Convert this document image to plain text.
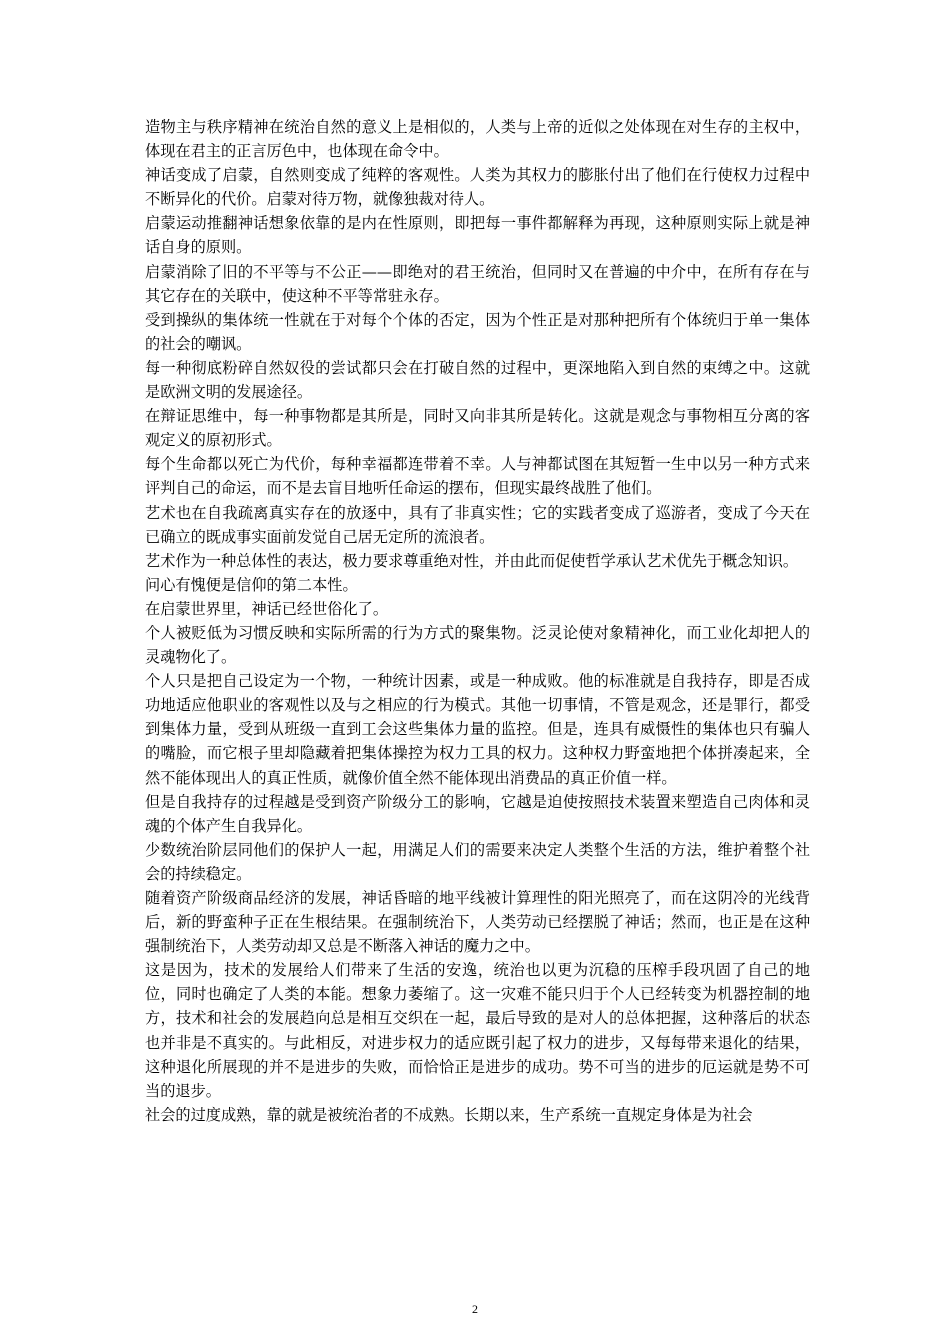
造物主与秩序精神在统治自然的意义上是相似的，人类与上帝的近似之处体现在对生存的主权中，体现在君主的正言厉色中，也体现在命令中。

神话变成了启蒙，自然则变成了纯粹的客观性。人类为其权力的膨胀付出了他们在行使权力过程中不断异化的代价。启蒙对待万物，就像独裁对待人。

启蒙运动推翻神话想象依靠的是内在性原则，即把每一事件都解释为再现，这种原则实际上就是神话自身的原则。

启蒙消除了旧的不平等与不公正——即绝对的君王统治，但同时又在普遍的中介中，在所有存在与其它存在的关联中，使这种不平等常驻永存。

受到操纵的集体统一性就在于对每个个体的否定，因为个性正是对那种把所有个体统归于单一集体的社会的嘲讽。

每一种彻底粉碎自然奴役的尝试都只会在打破自然的过程中，更深地陷入到自然的束缚之中。这就是欧洲文明的发展途径。

在辩证思维中，每一种事物都是其所是，同时又向非其所是转化。这就是观念与事物相互分离的客观定义的原初形式。

每个生命都以死亡为代价，每种幸福都连带着不幸。人与神都试图在其短暂一生中以另一种方式来评判自己的命运，而不是去盲目地听任命运的摆布，但现实最终战胜了他们。

艺术也在自我疏离真实存在的放逐中，具有了非真实性；它的实践者变成了巡游者，变成了今天在已确立的既成事实面前发觉自己居无定所的流浪者。

艺术作为一种总体性的表达，极力要求尊重绝对性，并由此而促使哲学承认艺术优先于概念知识。

问心有愧便是信仰的第二本性。

在启蒙世界里，神话已经世俗化了。

个人被贬低为习惯反映和实际所需的行为方式的聚集物。泛灵论使对象精神化，而工业化却把人的灵魂物化了。

个人只是把自己设定为一个物，一种统计因素，或是一种成败。他的标准就是自我持存，即是否成功地适应他职业的客观性以及与之相应的行为模式。其他一切事情，不管是观念，还是罪行，都受到集体力量，受到从班级一直到工会这些集体力量的监控。但是，连具有威慑性的集体也只有骗人的嘴脸，而它根子里却隐藏着把集体操控为权力工具的权力。这种权力野蛮地把个体拼凑起来，全然不能体现出人的真正性质，就像价值全然不能体现出消费品的真正价值一样。

但是自我持存的过程越是受到资产阶级分工的影响，它越是迫使按照技术装置来塑造自己肉体和灵魂的个体产生自我异化。

少数统治阶层同他们的保护人一起，用满足人们的需要来决定人类整个生活的方法，维护着整个社会的持续稳定。

随着资产阶级商品经济的发展，神话昏暗的地平线被计算理性的阳光照亮了，而在这阴冷的光线背后，新的野蛮种子正在生根结果。在强制统治下，人类劳动已经摆脱了神话；然而，也正是在这种强制统治下，人类劳动却又总是不断落入神话的魔力之中。

这是因为，技术的发展给人们带来了生活的安逸，统治也以更为沉稳的压榨手段巩固了自己的地位，同时也确定了人类的本能。想象力萎缩了。这一灾难不能只归于个人已经转变为机器控制的地方，技术和社会的发展趋向总是相互交织在一起，最后导致的是对人的总体把握，这种落后的状态也并非是不真实的。与此相反，对进步权力的适应既引起了权力的进步，又每每带来退化的结果，这种退化所展现的并不是进步的失败，而恰恰正是进步的成功。势不可当的进步的厄运就是势不可当的退步。

社会的过度成熟，靠的就是被统治者的不成熟。长期以来，生产系统一直规定身体是为社会

2
